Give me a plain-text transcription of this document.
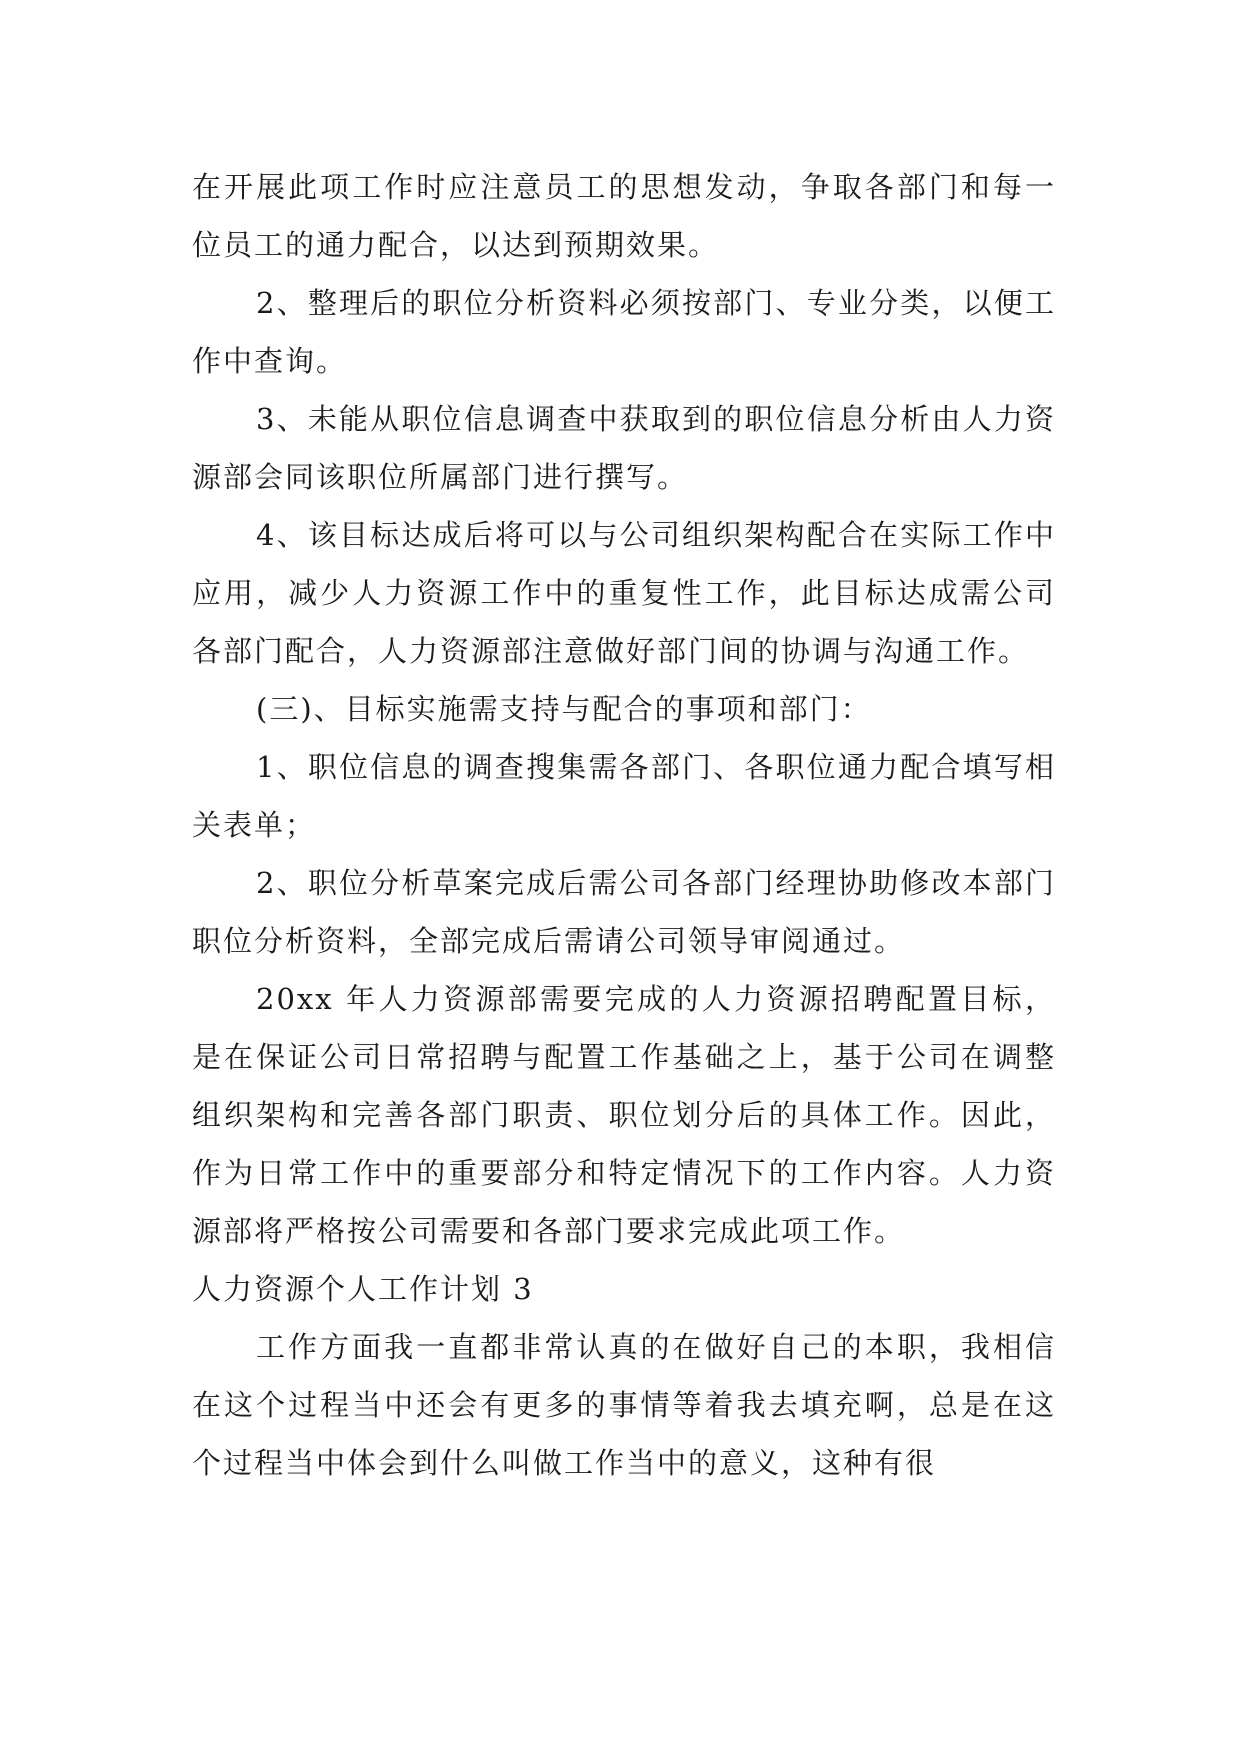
在开展此项工作时应注意员工的思想发动，争取各部门和每一位员工的通力配合，以达到预期效果。

2、整理后的职位分析资料必须按部门、专业分类，以便工作中查询。

3、未能从职位信息调查中获取到的职位信息分析由人力资源部会同该职位所属部门进行撰写。

4、该目标达成后将可以与公司组织架构配合在实际工作中应用，减少人力资源工作中的重复性工作，此目标达成需公司各部门配合，人力资源部注意做好部门间的协调与沟通工作。

(三)、目标实施需支持与配合的事项和部门：

1、职位信息的调查搜集需各部门、各职位通力配合填写相关表单；

2、职位分析草案完成后需公司各部门经理协助修改本部门职位分析资料，全部完成后需请公司领导审阅通过。

20xx 年人力资源部需要完成的人力资源招聘配置目标，是在保证公司日常招聘与配置工作基础之上，基于公司在调整组织架构和完善各部门职责、职位划分后的具体工作。因此，作为日常工作中的重要部分和特定情况下的工作内容。人力资源部将严格按公司需要和各部门要求完成此项工作。

人力资源个人工作计划 3

工作方面我一直都非常认真的在做好自己的本职，我相信在这个过程当中还会有更多的事情等着我去填充啊，总是在这个过程当中体会到什么叫做工作当中的意义，这种有很
